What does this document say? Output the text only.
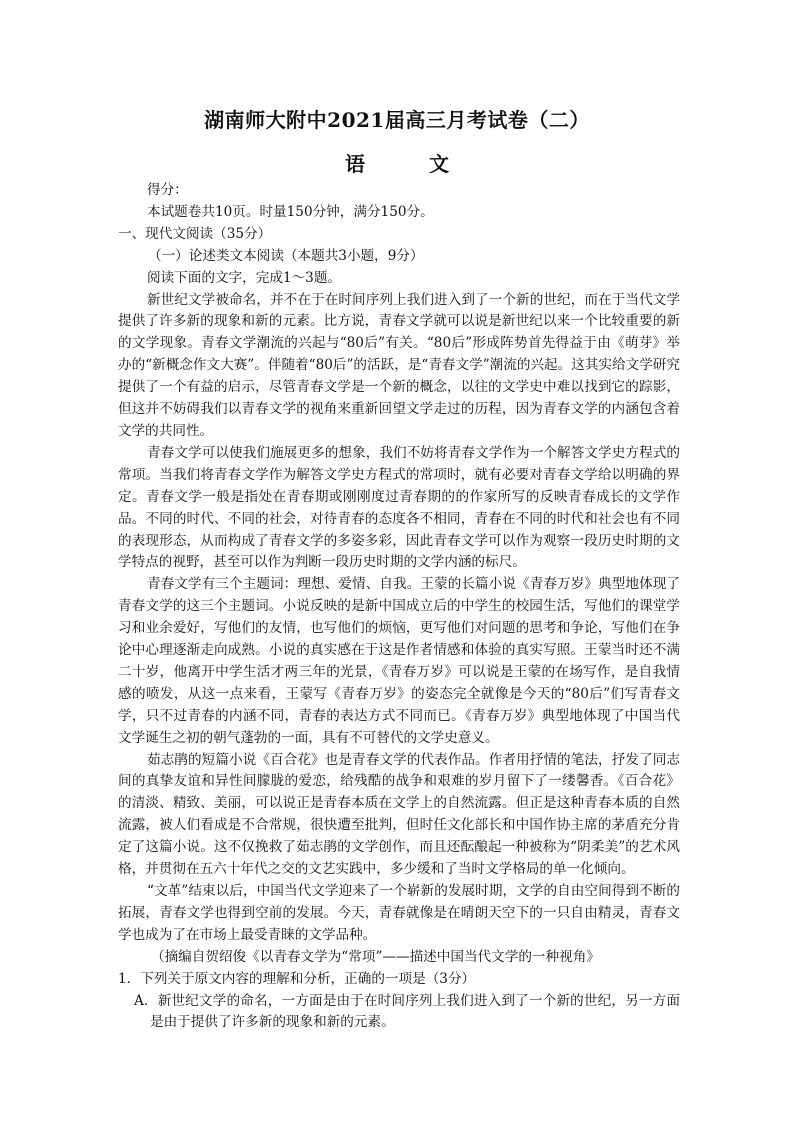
湖南师大附中2021届高三月考试卷（二）
语　文

得分：

本试题卷共10页。时量150分钟，满分150分。

一、现代文阅读（35分）

（一）论述类文本阅读（本题共3小题，9分）

阅读下面的文字，完成1～3题。

新世纪文学被命名，并不在于在时间序列上我们进入到了一个新的世纪，而在于当代文学提供了许多新的现象和新的元素。比方说，青春文学就可以说是新世纪以来一个比较重要的新的文学现象。青春文学潮流的兴起与“80后”有关。“80后”形成阵势首先得益于由《萌芽》举办的“新概念作文大赛”。伴随着“80后”的活跃，是“青春文学”潮流的兴起。这其实给文学研究提供了一个有益的启示，尽管青春文学是一个新的概念，以往的文学史中难以找到它的踪影，但这并不妨碍我们以青春文学的视角来重新回望文学走过的历程，因为青春文学的内涵包含着文学的共同性。

青春文学可以使我们施展更多的想象，我们不妨将青春文学作为一个解答文学史方程式的常项。当我们将青春文学作为解答文学史方程式的常项时，就有必要对青春文学给以明确的界定。青春文学一般是指处在青春期或刚刚度过青春期的的作家所写的反映青春成长的文学作品。不同的时代、不同的社会，对待青春的态度各不相同，青春在不同的时代和社会也有不同的表现形态，从而构成了青春文学的多姿多彩，因此青春文学可以作为观察一段历史时期的文学特点的视野，甚至可以作为判断一段历史时期的文学内涵的标尺。

青春文学有三个主题词：理想、爱情、自我。王蒙的长篇小说《青春万岁》典型地体现了青春文学的这三个主题词。小说反映的是新中国成立后的中学生的校园生活，写他们的课堂学习和业余爱好，写他们的友情，也写他们的烦恼，更写他们对问题的思考和争论，写他们在争论中心理逐渐走向成熟。小说的真实感在于这是作者情感和体验的真实写照。王蒙当时还不满二十岁，他离开中学生活才两三年的光景，《青春万岁》可以说是王蒙的在场写作，是自我情感的喷发，从这一点来看，王蒙写《青春万岁》的姿态完全就像是今天的“80后”们写青春文学，只不过青春的内涵不同，青春的表达方式不同而已。《青春万岁》典型地体现了中国当代文学诞生之初的朝气蓬勃的一面，具有不可替代的文学史意义。

茹志鹃的短篇小说《百合花》也是青春文学的代表作品。作者用抒情的笔法，抒发了同志间的真挚友谊和异性间朦胧的爱恋，给残酷的战争和艰难的岁月留下了一缕馨香。《百合花》的清淡、精致、美丽，可以说正是青春本质在文学上的自然流露。但正是这种青春本质的自然流露，被人们看成是不合常规，很快遭至批判，但时任文化部长和中国作协主席的茅盾充分肯定了这篇小说。这不仅挽救了茹志鹃的文学创作，而且还酝酿起一种被称为“阴柔美”的艺术风格，并贯彻在五六十年代之交的文艺实践中，多少缓和了当时文学格局的单一化倾向。

“文革”结束以后，中国当代文学迎来了一个崭新的发展时期，文学的自由空间得到不断的拓展，青春文学也得到空前的发展。今天，青春就像是在晴朗天空下的一只自由精灵，青春文学也成为了在市场上最受青睐的文学品种。

（摘编自贺绍俊《以青春文学为“常项”——描述中国当代文学的一种视角》

1．下列关于原文内容的理解和分析，正确的一项是（3分）

A．新世纪文学的命名，一方面是由于在时间序列上我们进入到了一个新的世纪，另一方面是由于提供了许多新的现象和新的元素。
